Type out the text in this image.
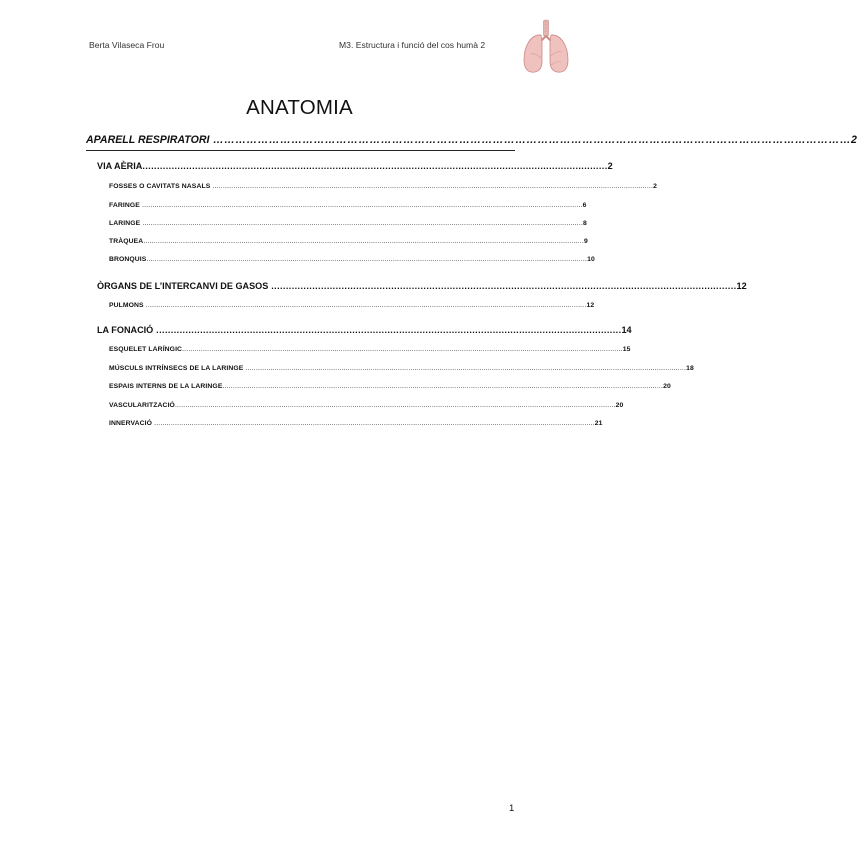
Berta Vilaseca Frou	M3. Estructura i funció del cos humà 2
ANATOMIA
APARELL RESPIRATORI ……………………………………………………………………………………………………………………………………………………… 2
VIA AÈRIA ............................................................................................................................................................... 2
FOSSES O CAVITATS NASALS ................................................................................................................................................................................................................... 2
FARINGE ................................................................................................................................................................................................................... 6
LARINGE ................................................................................................................................................................................................................... 8
TRÀQUEA ................................................................................................................................................................................................................... 9
BRONQUIS ................................................................................................................................................................................................................... 10
ÒRGANS DE L’INTERCANVI DE GASOS ............................................................................................................................................................... 12
PULMONS ................................................................................................................................................................................................................... 12
LA FONACIÓ ............................................................................................................................................................... 14
ESQUELET LARÍNGIC ................................................................................................................................................................................................................... 15
MÚSCULS INTRÍNSECS DE LA LARINGE ................................................................................................................................................................................................................... 18
ESPAIS INTERNS DE LA LARINGE ................................................................................................................................................................................................................... 20
VASCULARITZACIÓ ................................................................................................................................................................................................................... 20
INNERVACIÓ ................................................................................................................................................................................................................... 21
1
